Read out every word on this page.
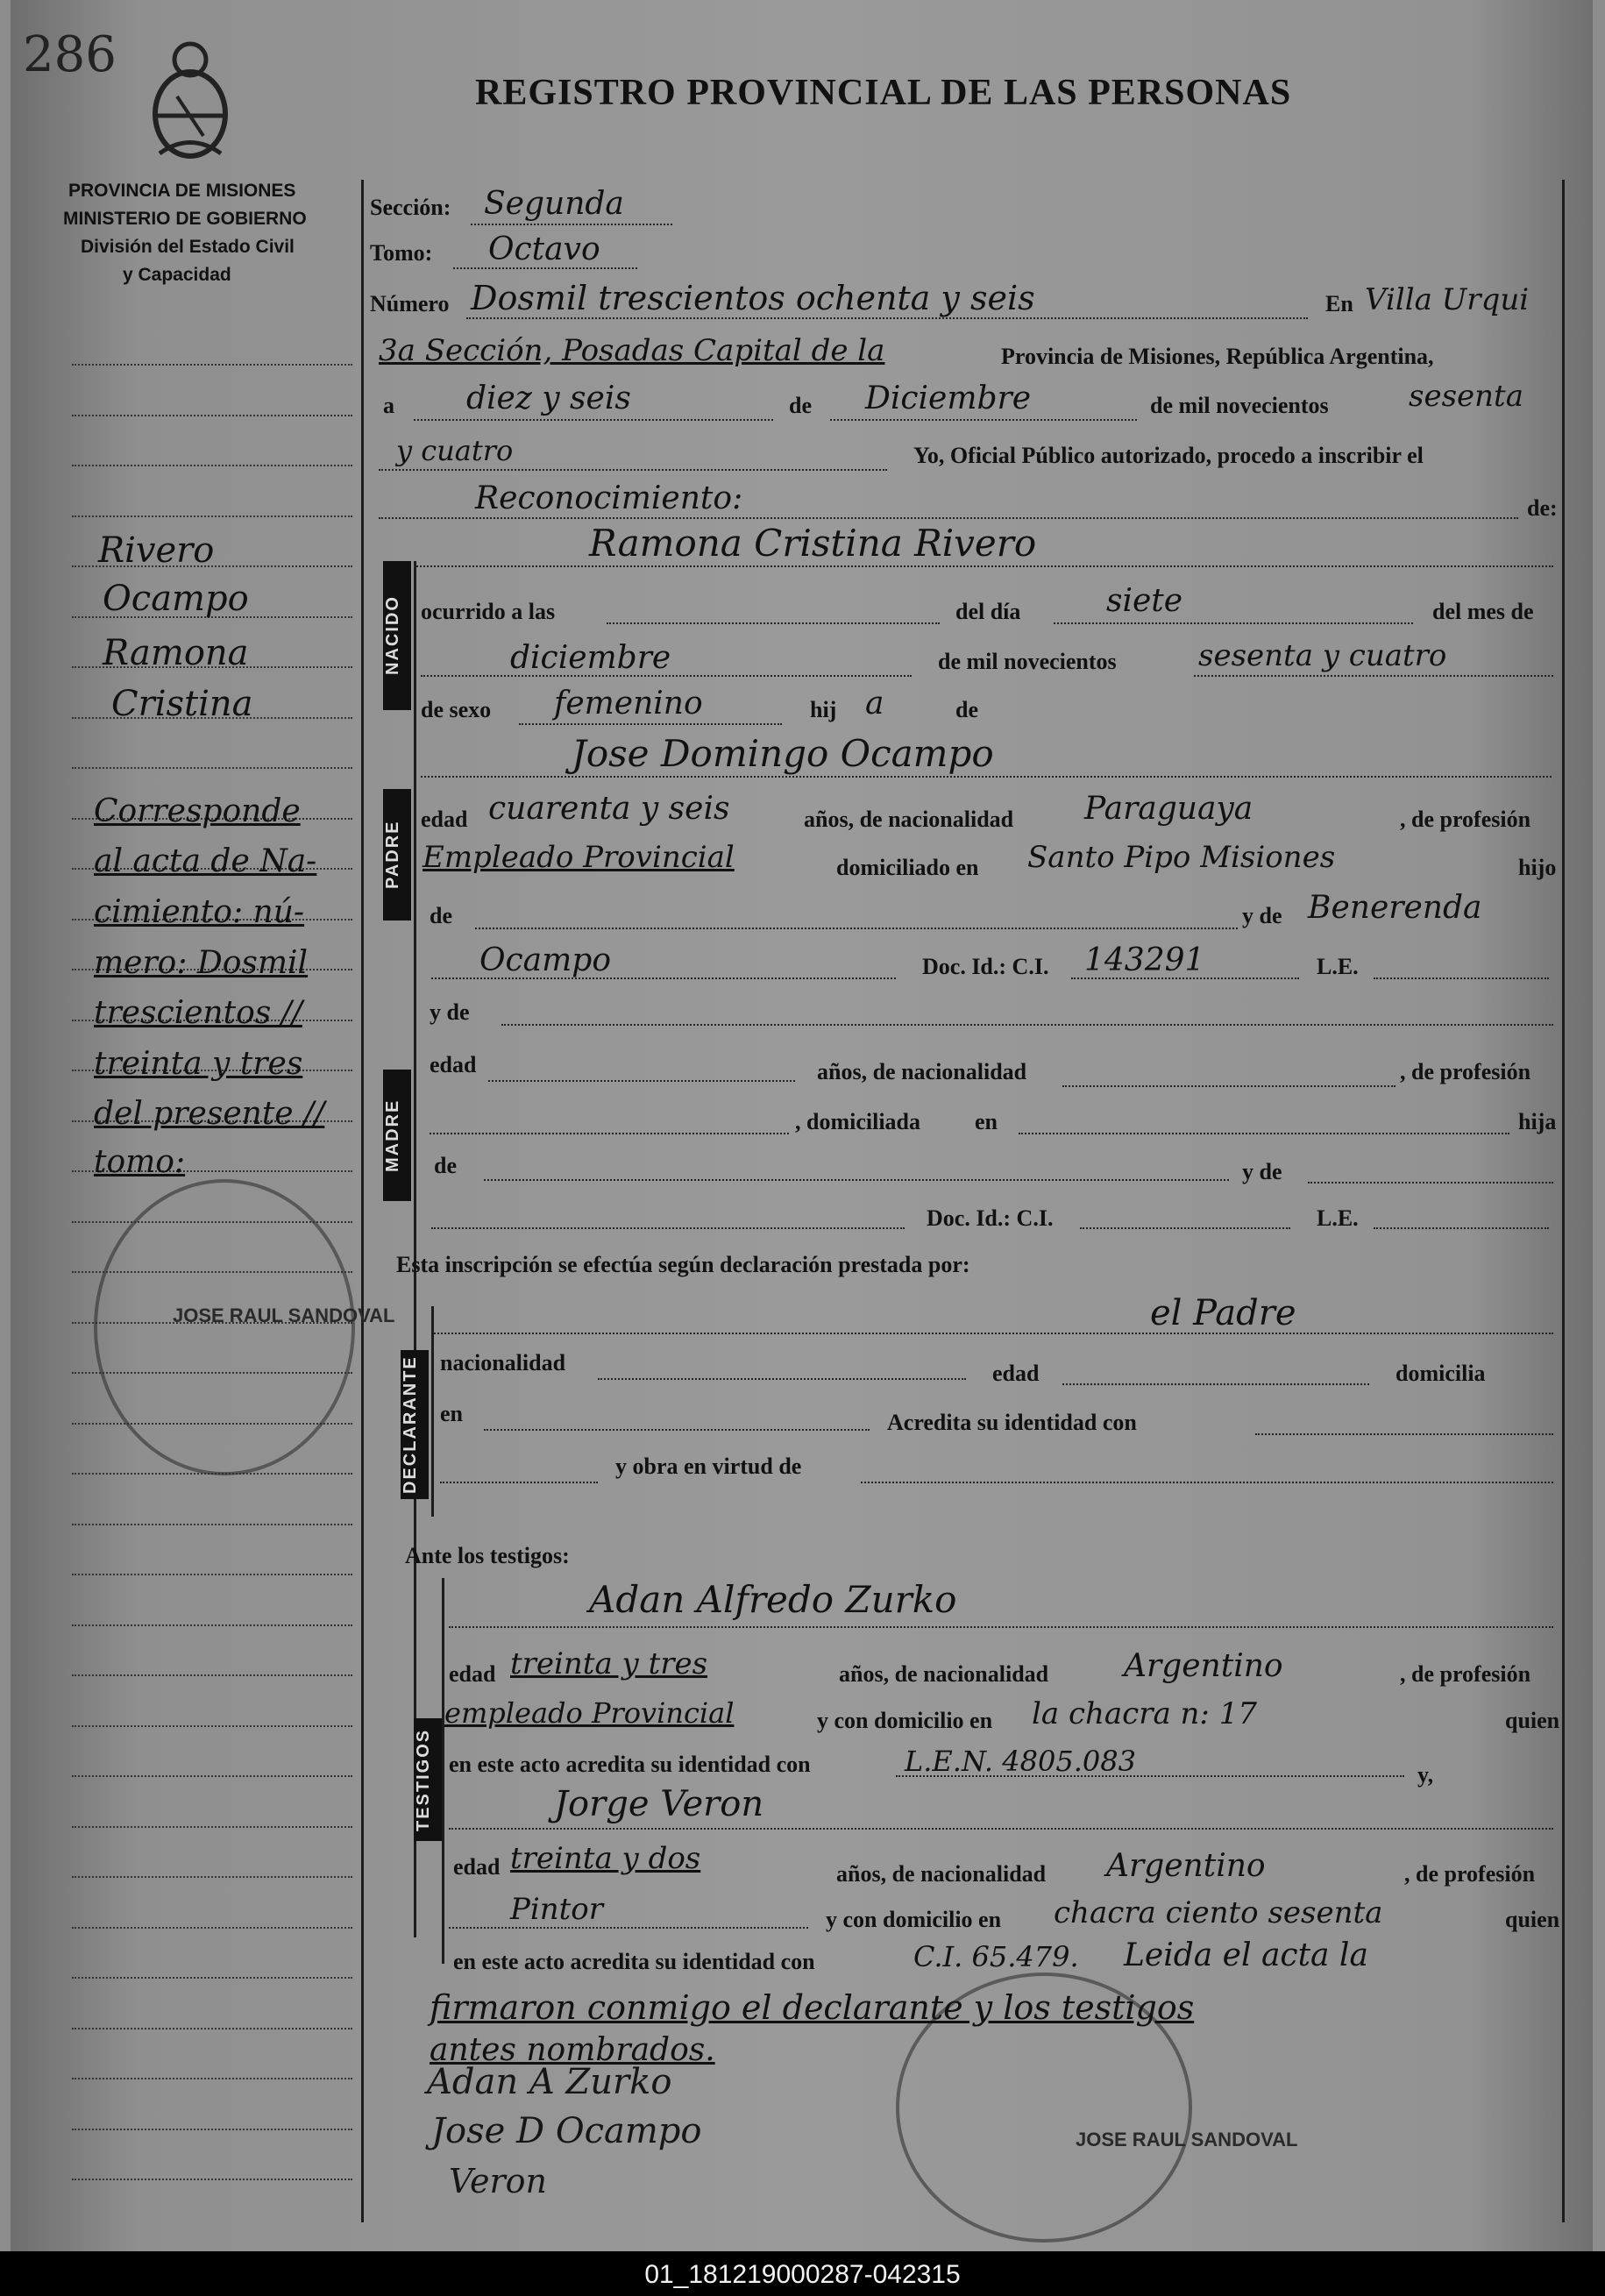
286
REGISTRO PROVINCIAL DE LAS PERSONAS
PROVINCIA DE MISIONES
MINISTERIO DE GOBIERNO
División del Estado Civil
y Capacidad
Rivero
Ocampo
Ramona
Cristina
Corresponde
al acta de Na-
cimiento: nú-
mero: Dosmil
trescientos //
treinta y tres
del presente //
tomo:
JOSE RAUL SANDOVAL
JOSE RAUL SANDOVAL
Sección: Segunda
Tomo: Octavo
Número Dosmil trescientos ochenta y seis	En Villa Urqui
3a Sección, Posadas Capital de la	Provincia de Misiones, República Argentina,
a diez y seis	de Diciembre	de mil novecientos	sesenta
y cuatro	Yo, Oficial Público autorizado, procedo a inscribir el
Reconocimiento:	de:
NACIDO
Ramona Cristina Rivero
ocurrido a las	del día	siete	del mes de
diciembre	de mil novecientos	sesenta y cuatro
de sexo femenino	hij a	de
PADRE
Jose Domingo Ocampo
edad cuarenta y seis	años, de nacionalidad Paraguaya	, de profesión
Empleado Provincial	domiciliado en Santo Pipo Misiones	hijo
de	y de Benerenda
Ocampo	Doc. Id.: C.I. 143291	L.E.
y de
MADRE
edad	años, de nacionalidad	, de profesión
, domiciliada en	hija
de	y de
Doc. Id.: C.I.	L.E.
Esta inscripción se efectúa según declaración prestada por:
el Padre
DECLARANTE nacionalidad	edad	domicilia
en	Acredita su identidad con
y obra en virtud de
Ante los testigos:
TESTIGOS
Adan Alfredo Zurko
edad treinta y tres	años, de nacionalidad Argentino	, de profesión
empleado Provincial	y con domicilio en la chacra n: 17	quien
en este acto acredita su identidad con	L.E.N. 4805.083	y,
Jorge Veron
edad treinta y dos	años, de nacionalidad Argentino	, de profesión
Pintor	y con domicilio en chacra ciento sesenta	quien
en este acto acredita su identidad con	C.I. 65.479. Leida el acta la
firmaron conmigo el declarante y los testigos
antes nombrados.
Adan A Zurko
Jose D Ocampo
Veron
01_181219000287-042315
